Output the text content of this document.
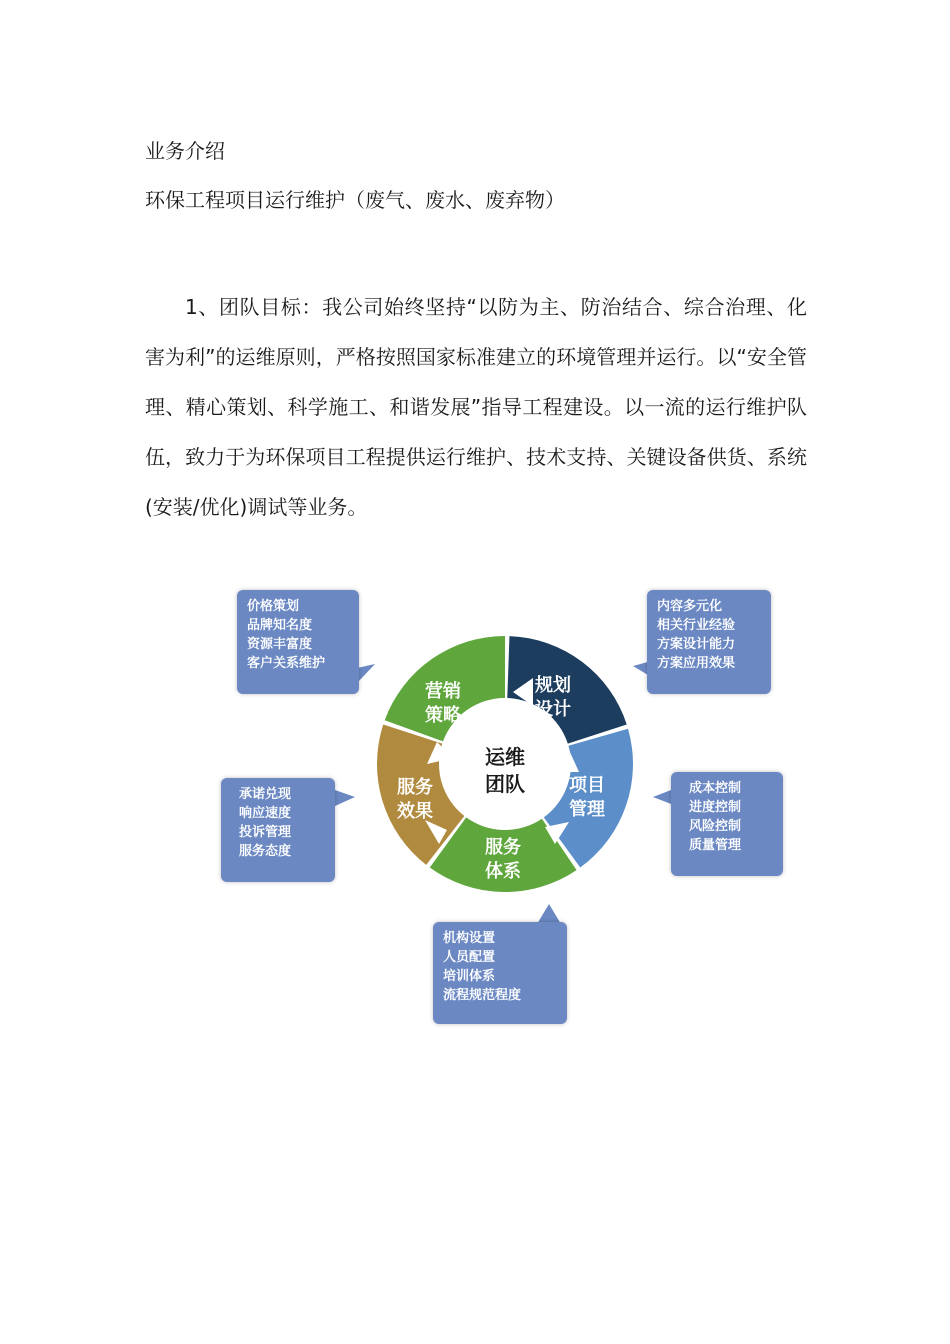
业务介绍
环保工程项目运行维护（废气、废水、废弃物）

1、团队目标：我公司始终坚持“以防为主、防治结合、综合治理、化害为利”的运维原则，严格按照国家标准建立的环境管理并运行。以“安全管理、精心策划、科学施工、和谐发展”指导工程建设。以一流的运行维护队伍，致力于为环保项目工程提供运行维护、技术支持、关键设备供货、系统(安装/优化)调试等业务。

价格策划
品牌知名度
资源丰富度
客户关系维护
内容多元化
相关行业经验
方案设计能力
方案应用效果
成本控制
进度控制
风险控制
质量管理
机构设置
人员配置
培训体系
流程规范程度
承诺兑现
响应速度
投诉管理
服务态度
营销
策略
规划
设计
项目
管理
服务
体系
服务
效果
运维
团队
